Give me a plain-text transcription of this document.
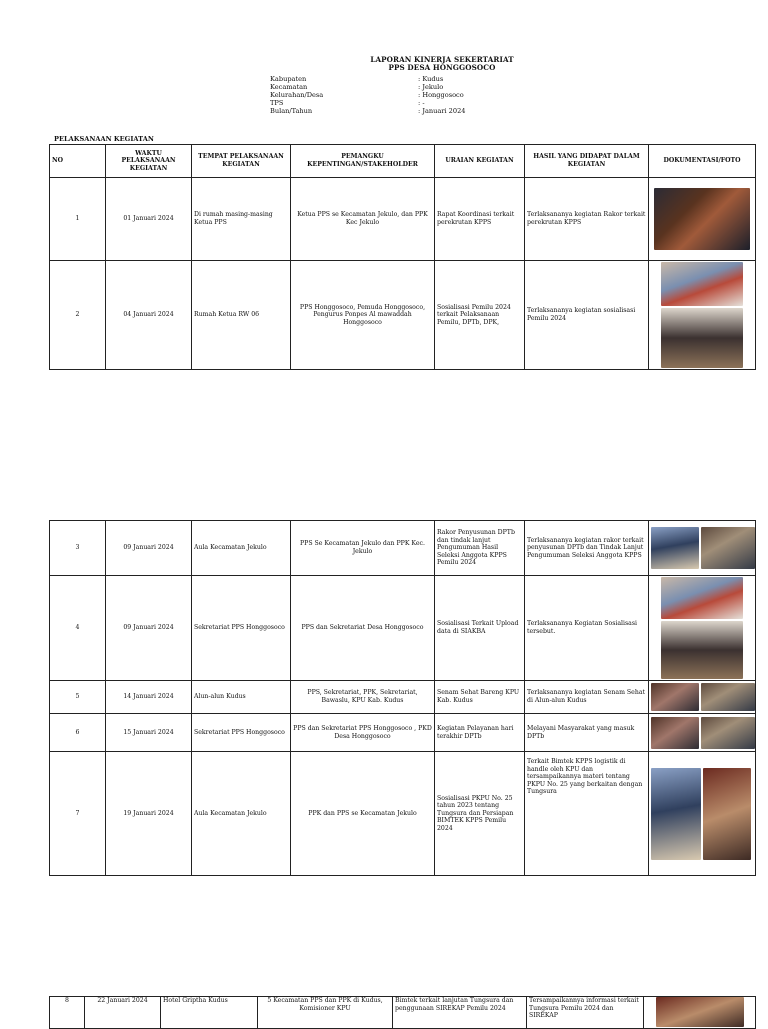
LAPORAN KINERJA SEKERTARIAT
PPS DESA HONGGOSOCO
Kabupaten	: Kudus
Kecamatan	: Jekulo
Kelurahan/Desa	: Honggosoco
TPS	: -
Bulan/Tahun	: Januari 2024
PELAKSANAAN KEGIATAN
NO	WAKTU PELAKSANAAN KEGIATAN	TEMPAT PELAKSANAAN KEGIATAN	PEMANGKU KEPENTINGAN/STAKEHOLDER	URAIAN KEGIATAN	HASIL YANG DIDAPAT DALAM KEGIATAN	DOKUMENTASI/FOTO
1	01 Januari 2024	Di rumah masing-masing Ketua PPS	Ketua PPS se Kecamatan Jekulo, dan PPK Kec Jekulo	Rapat Koordinasi terkait perekrutan KPPS	Terlaksananya kegiatan Rakor terkait perekrutan KPPS	

2	04 Januari 2024	Rumah Ketua RW 06	PPS Honggosoco, Pemuda Honggosoco, Pengurus Ponpes Al mawaddah Honggosoco	Sosialisasi Pemilu 2024 terkait Pelaksanaan Pemilu, DPTb, DPK,	Terlaksananya kegiatan sosialisasi Pemilu 2024	
3	09 Januari 2024	Aula Kecamatan Jekulo	PPS Se Kecamatan Jekulo dan PPK Kec. Jekulo	Rakor Penyusunan DPTb dan tindak lanjut Pengumuman Hasil Seleksi Anggota KPPS Pemilu 2024	Terlaksananya kegiatan rakor terkait penyusunan DPTb dan Tindak Lanjut Pengumuman Seleksi Anggota KPPS	

4	09 Januari 2024	Sekretariat PPS Honggosoco	PPS dan Sekretariat Desa Honggosoco	Sosialisasi Terkait Upload data di SIAKBA	Terlaksananya Kegiatan Sosialisasi tersebut.	

5	14 Januari 2024	Alun-alun Kudus	PPS, Sekretariat, PPK, Sekretariat, Bawaslu, KPU Kab. Kudus	Senam Sehat Bareng KPU Kab. Kudus	Terlaksananya kegiatan Senam Sehat di Alun-alun Kudus	

6	15 Januari 2024	Sekretariat PPS Honggosoco	PPS dan Sekretariat PPS Honggosoco , PKD Desa Honggosoco	Kegiatan Pelayanan hari terakhir DPTb	Melayani Masyarakat yang masuk DPTb	

7	19 Januari 2024	Aula Kecamatan Jekulo	PPK dan PPS se Kecamatan Jekulo	Sosialisasi PKPU No. 25 tahun 2023 tentang Tungsura dan Persiapan BIMTEK KPPS Pemilu 2024	Terkait Bimtek KPPS logistik di handle oleh KPU dan tersampaikannya materi tentang PKPU No. 25 yang berkaitan dengan Tungsura	
8	22 Januari 2024	Hotel Griptha Kudus	5 Kecamatan PPS dan PPK di Kudus, Komisioner KPU	Bimtek terkait lanjutan Tungsura dan penggunaan SIREKAP Pemilu 2024	Tersampaikannya informasi terkait Tungsura Pemilu 2024 dan SIREKAP	
